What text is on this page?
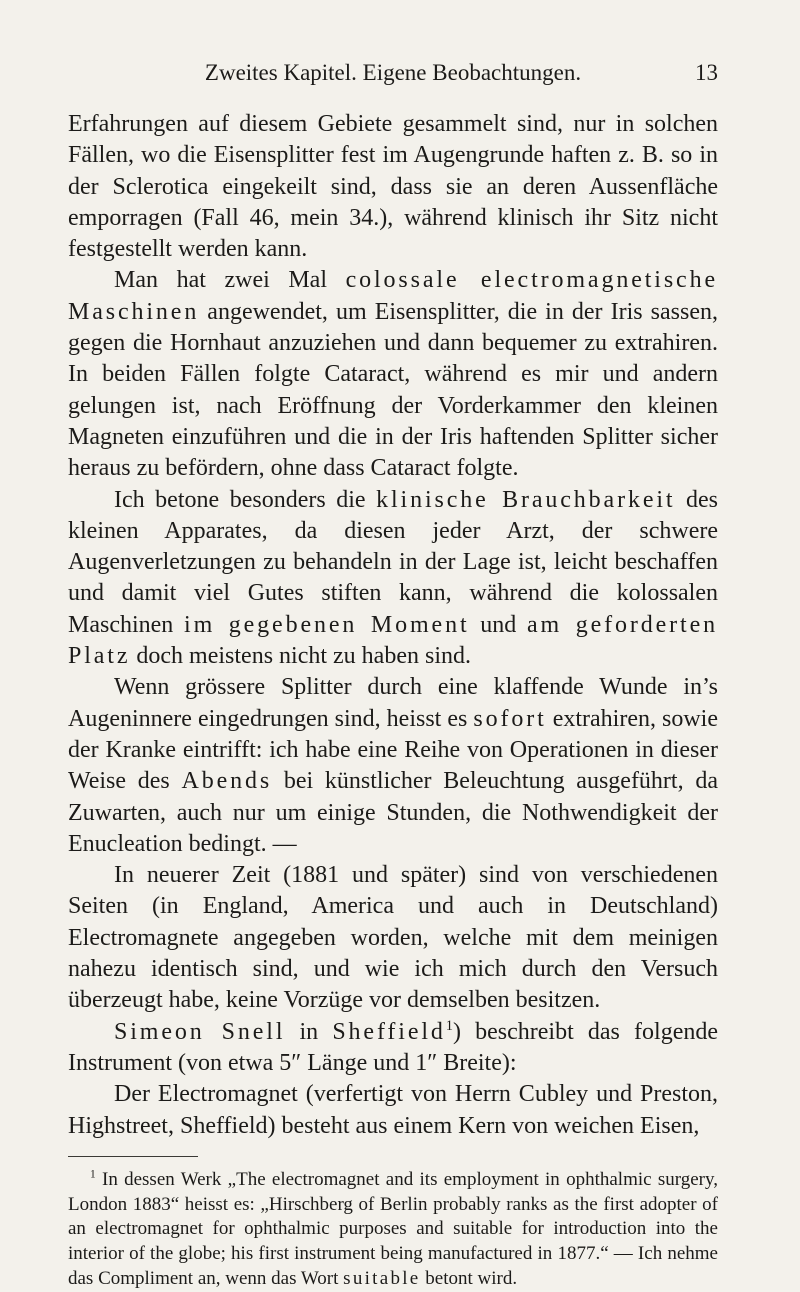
Zweites Kapitel. Eigene Beobachtungen.	13

Erfahrungen auf diesem Gebiete gesammelt sind, nur in solchen Fällen, wo die Eisensplitter fest im Augengrunde haften z. B. so in der Sclerotica eingekeilt sind, dass sie an deren Aussenfläche emporragen (Fall 46, mein 34.), während klinisch ihr Sitz nicht festgestellt werden kann.

Man hat zwei Mal colossale electromagnetische Maschinen angewendet, um Eisensplitter, die in der Iris sassen, gegen die Hornhaut anzuziehen und dann bequemer zu extrahiren. In beiden Fällen folgte Cataract, während es mir und andern gelungen ist, nach Eröffnung der Vorderkammer den kleinen Magneten einzuführen und die in der Iris haftenden Splitter sicher heraus zu befördern, ohne dass Cataract folgte.

Ich betone besonders die klinische Brauchbarkeit des kleinen Apparates, da diesen jeder Arzt, der schwere Augenverletzungen zu behandeln in der Lage ist, leicht beschaffen und damit viel Gutes stiften kann, während die kolossalen Maschinen im gegebenen Moment und am geforderten Platz doch meistens nicht zu haben sind.

Wenn grössere Splitter durch eine klaffende Wunde in’s Augeninnere eingedrungen sind, heisst es sofort extrahiren, sowie der Kranke eintrifft: ich habe eine Reihe von Operationen in dieser Weise des Abends bei künstlicher Beleuchtung ausgeführt, da Zuwarten, auch nur um einige Stunden, die Nothwendigkeit der Enucleation bedingt. —

In neuerer Zeit (1881 und später) sind von verschiedenen Seiten (in England, America und auch in Deutschland) Electromagnete angegeben worden, welche mit dem meinigen nahezu identisch sind, und wie ich mich durch den Versuch überzeugt habe, keine Vorzüge vor demselben besitzen.

Simeon Snell in Sheffield$^1$) beschreibt das folgende Instrument (von etwa 5″ Länge und 1″ Breite):

Der Electromagnet (verfertigt von Herrn Cubley und Preston, Highstreet, Sheffield) besteht aus einem Kern von weichen Eisen,

$^1$ In dessen Werk „The electromagnet and its employment in ophthalmic surgery, London 1883“ heisst es: „Hirschberg of Berlin probably ranks as the first adopter of an electromagnet for ophthalmic purposes and suitable for introduction into the interior of the globe; his first instrument being manufactured in 1877.“ — Ich nehme das Compliment an, wenn das Wort suitable betont wird.
